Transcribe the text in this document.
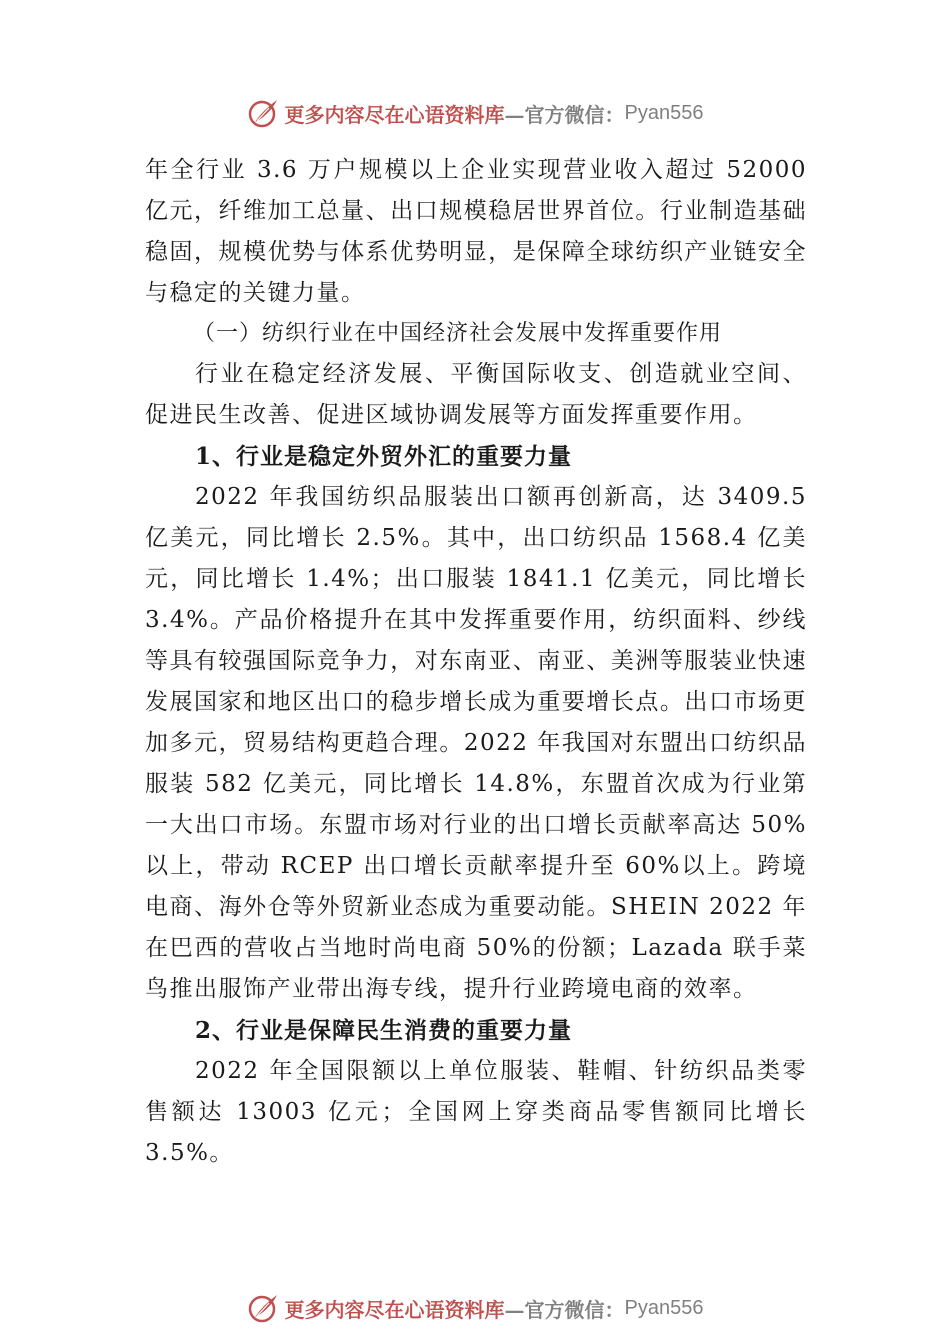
更多内容尽在心语资料库 —官方微信： Pyan556

年全行业 3.6 万户规模以上企业实现营业收入超过 52000 亿元，纤维加工总量、出口规模稳居世界首位。行业制造基础稳固，规模优势与体系优势明显，是保障全球纺织产业链安全与稳定的关键力量。

（一）纺织行业在中国经济社会发展中发挥重要作用

行业在稳定经济发展、平衡国际收支、创造就业空间、促进民生改善、促进区域协调发展等方面发挥重要作用。

1、行业是稳定外贸外汇的重要力量

2022 年我国纺织品服装出口额再创新高，达 3409.5 亿美元，同比增长 2.5%。其中，出口纺织品 1568.4 亿美元，同比增长 1.4%；出口服装 1841.1 亿美元，同比增长 3.4%。产品价格提升在其中发挥重要作用，纺织面料、纱线等具有较强国际竞争力，对东南亚、南亚、美洲等服装业快速发展国家和地区出口的稳步增长成为重要增长点。出口市场更加多元，贸易结构更趋合理。2022 年我国对东盟出口纺织品服装 582 亿美元，同比增长 14.8%，东盟首次成为行业第一大出口市场。东盟市场对行业的出口增长贡献率高达 50%以上，带动 RCEP 出口增长贡献率提升至 60%以上。跨境电商、海外仓等外贸新业态成为重要动能。SHEIN 2022 年在巴西的营收占当地时尚电商 50%的份额；Lazada 联手菜鸟推出服饰产业带出海专线，提升行业跨境电商的效率。

2、行业是保障民生消费的重要力量

2022 年全国限额以上单位服装、鞋帽、针纺织品类零售额达 13003 亿元；全国网上穿类商品零售额同比增长 3.5%。

更多内容尽在心语资料库 —官方微信： Pyan556
